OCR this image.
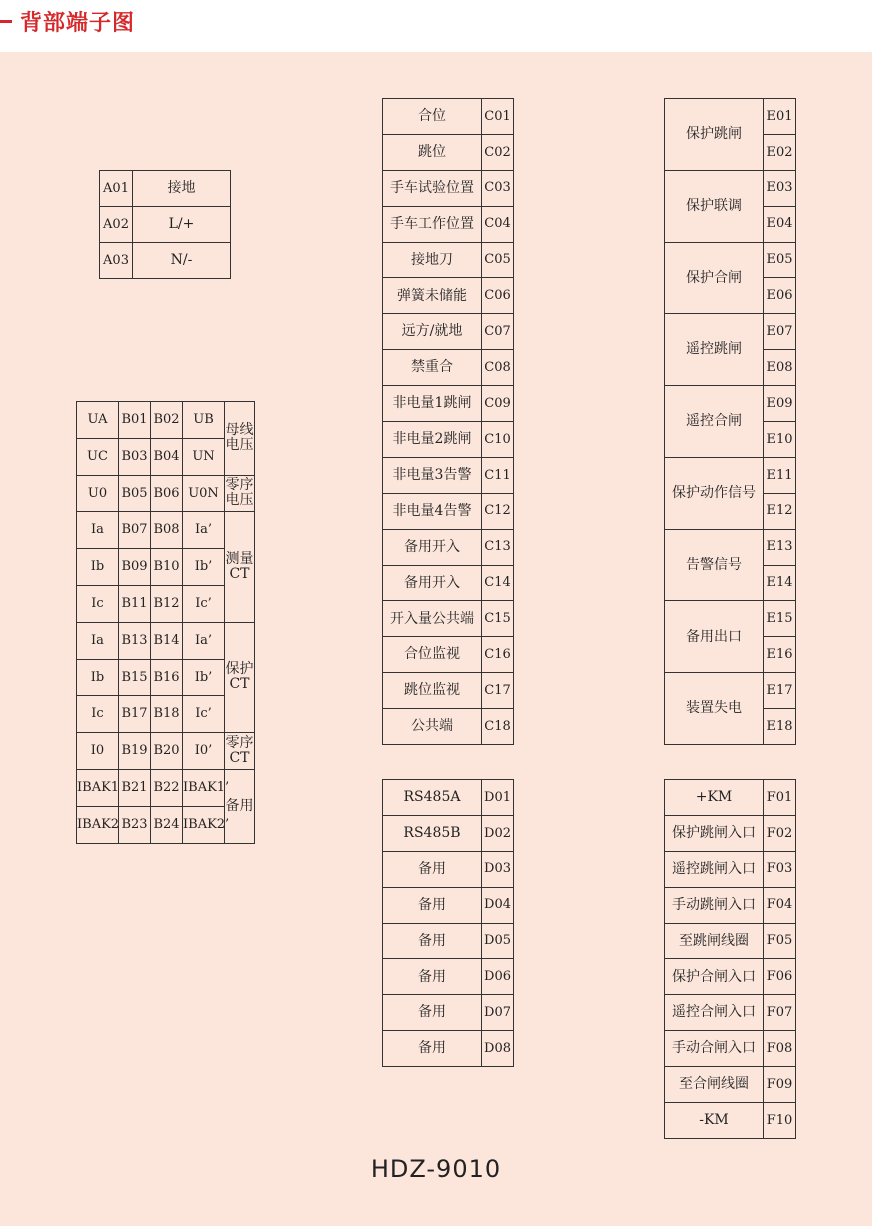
背部端子图
A01	接地
A02	L/+
A03	N/-
UA	B01	B02	UB	母线电压
UC	B03	B04	UN	
U0	B05	B06	U0N	零序电压
Ia	B07	B08	Ia’	测量CT
Ib	B09	B10	Ib’	
Ic	B11	B12	Ic’	
Ia	B13	B14	Ia’	保护CT
Ib	B15	B16	Ib’	
Ic	B17	B18	Ic’	
I0	B19	B20	I0’	零序CT
IBAK1	B21	B22	IBAK1’	备用
IBAK2	B23	B24	IBAK2’	
合位	C01
跳位	C02
手车试验位置	C03
手车工作位置	C04
接地刀	C05
弹簧未储能	C06
远方/就地	C07
禁重合	C08
非电量1跳闸	C09
非电量2跳闸	C10
非电量3告警	C11
非电量4告警	C12
备用开入	C13
备用开入	C14
开入量公共端	C15
合位监视	C16
跳位监视	C17
公共端	C18
RS485A	D01
RS485B	D02
备用	D03
备用	D04
备用	D05
备用	D06
备用	D07
备用	D08
保护跳闸	E01
	E02
保护联调	E03
	E04
保护合闸	E05
	E06
遥控跳闸	E07
	E08
遥控合闸	E09
	E10
保护动作信号	E11
	E12
告警信号	E13
	E14
备用出口	E15
	E16
装置失电	E17
	E18
+KM	F01
保护跳闸入口	F02
遥控跳闸入口	F03
手动跳闸入口	F04
至跳闸线圈	F05
保护合闸入口	F06
遥控合闸入口	F07
手动合闸入口	F08
至合闸线圈	F09
-KM	F10
HDZ-9010
